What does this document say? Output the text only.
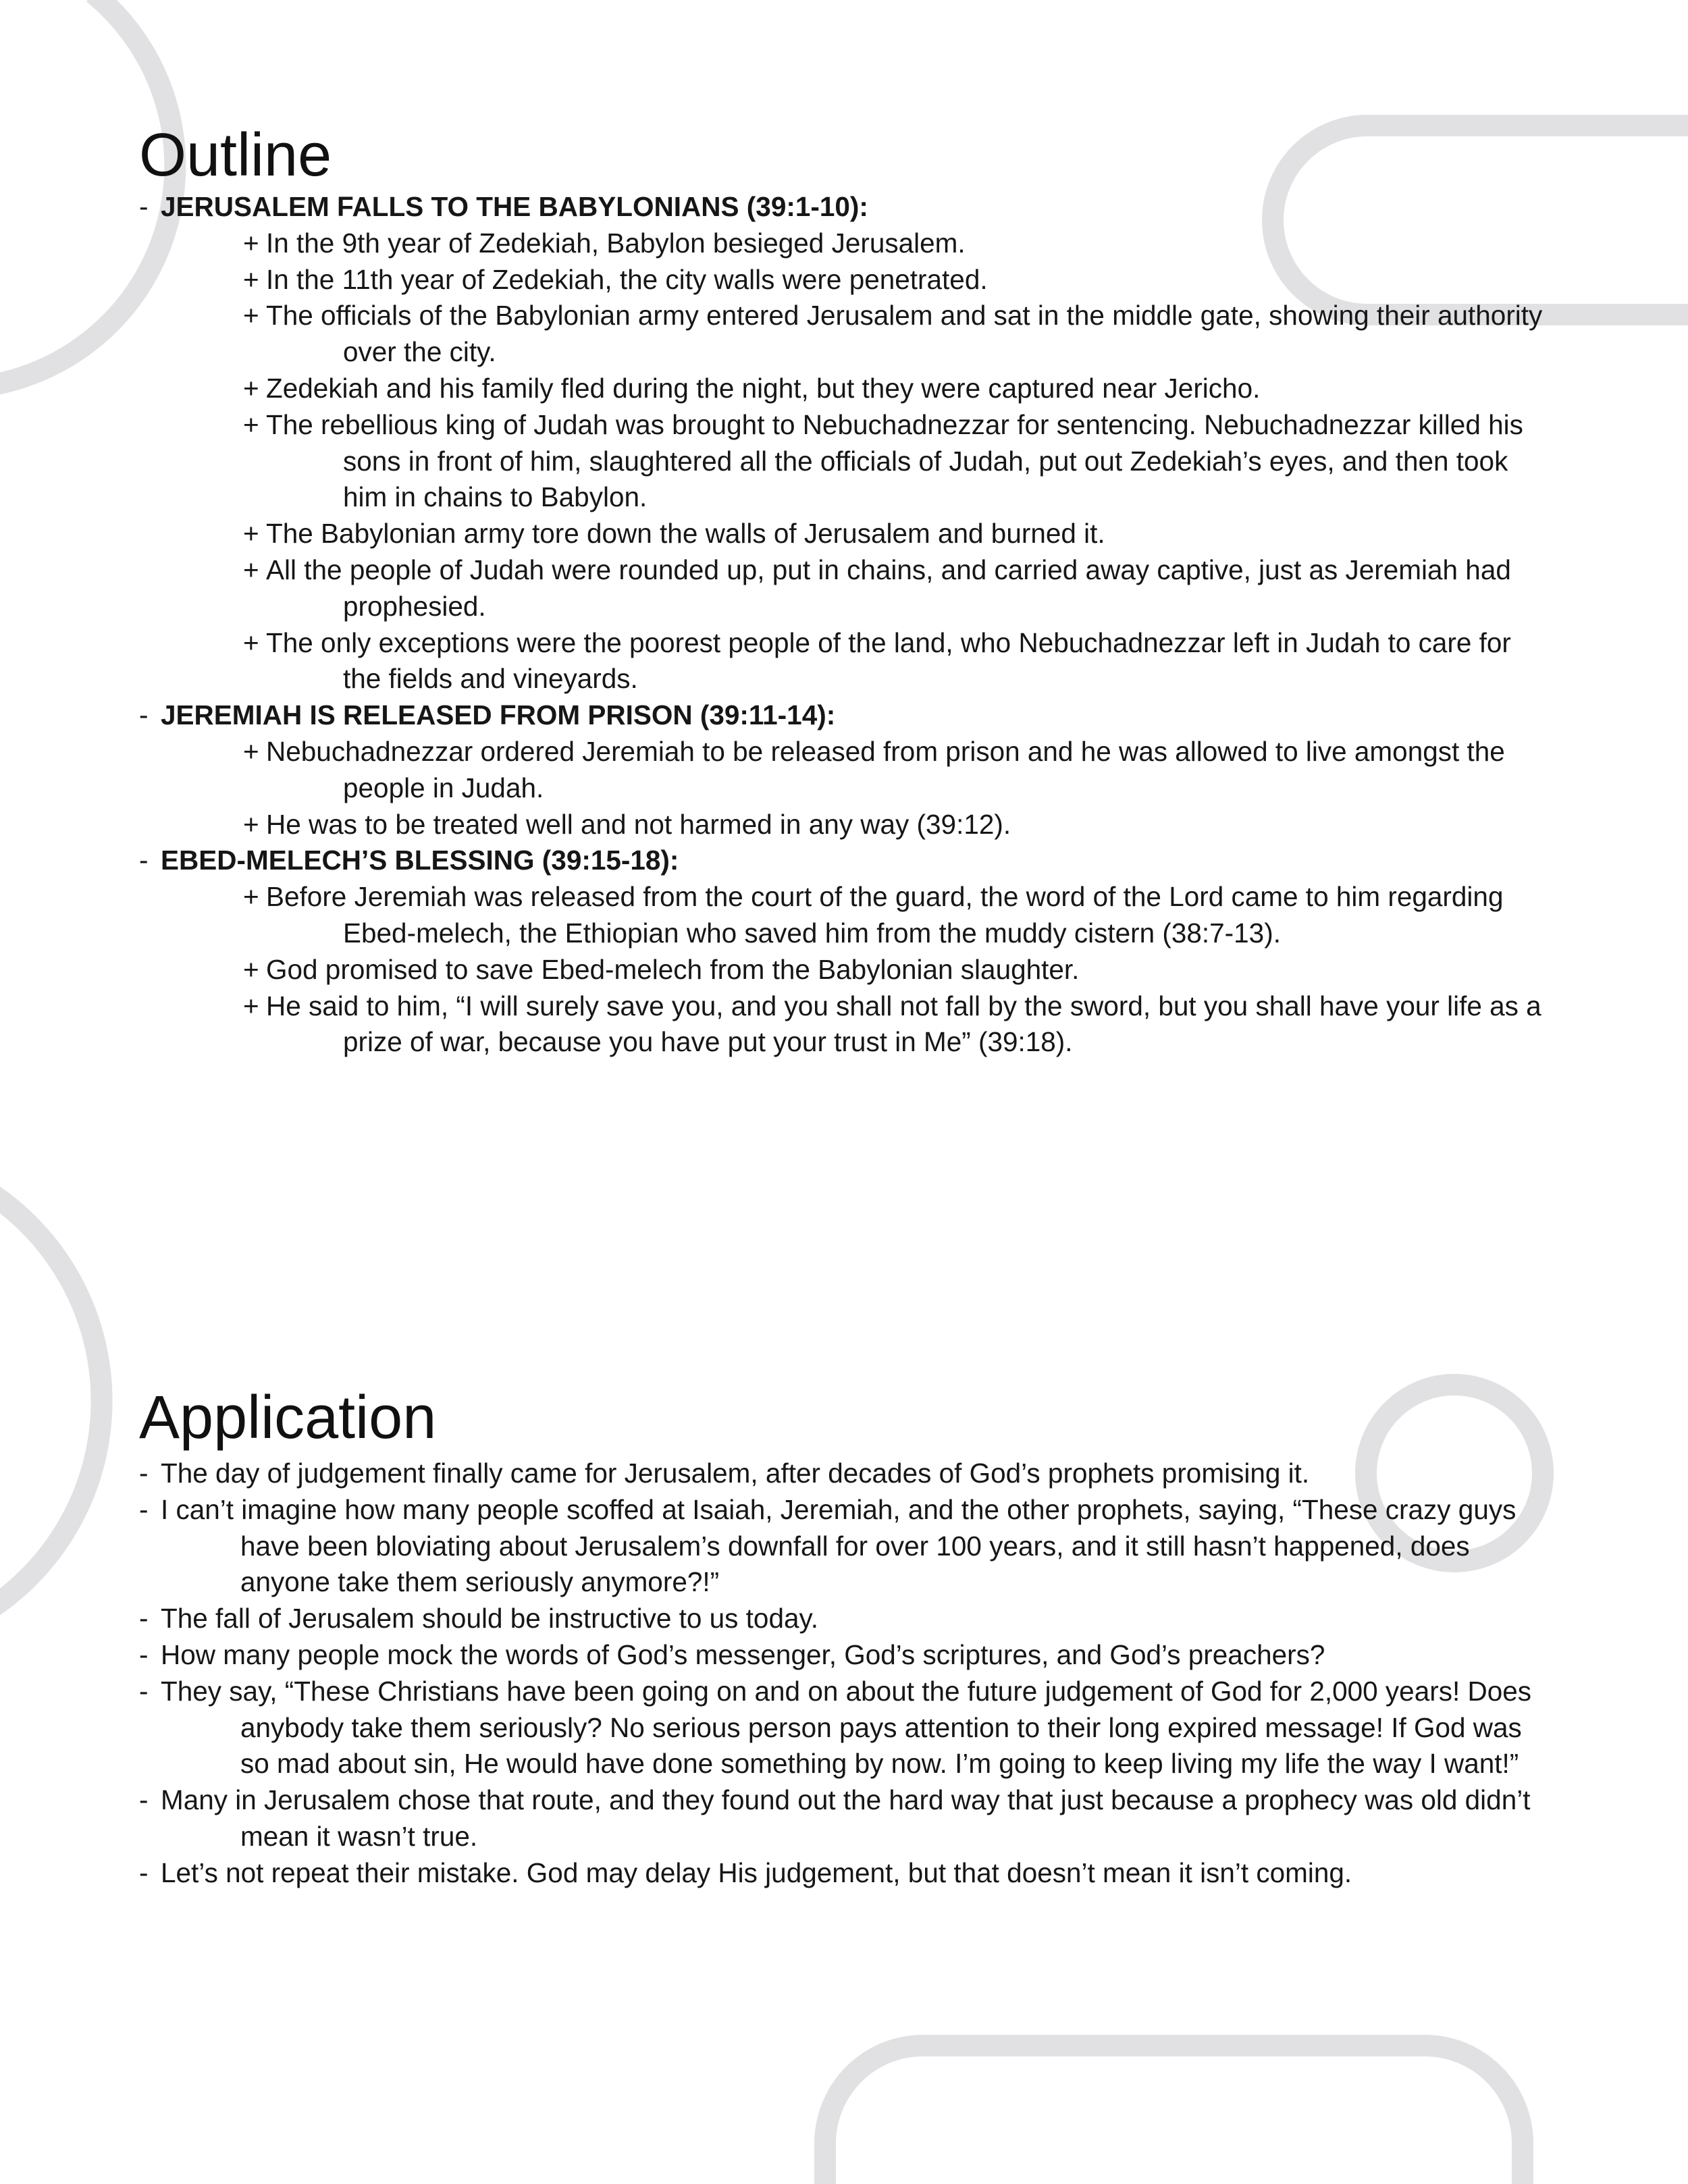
Outline
- JERUSALEM FALLS TO THE BABYLONIANS (39:1-10):
+ In the 9th year of Zedekiah, Babylon besieged Jerusalem.
+ In the 11th year of Zedekiah, the city walls were penetrated.
+ The officials of the Babylonian army entered Jerusalem and sat in the middle gate, showing their authority over the city.
+ Zedekiah and his family fled during the night, but they were captured near Jericho.
+ The rebellious king of Judah was brought to Nebuchadnezzar for sentencing. Nebuchadnezzar killed his sons in front of him, slaughtered all the officials of Judah, put out Zedekiah’s eyes, and then took him in chains to Babylon.
+ The Babylonian army tore down the walls of Jerusalem and burned it.
+ All the people of Judah were rounded up, put in chains, and carried away captive, just as Jeremiah had prophesied.
+ The only exceptions were the poorest people of the land, who Nebuchadnezzar left in Judah to care for the fields and vineyards.
- JEREMIAH IS RELEASED FROM PRISON (39:11-14):
+ Nebuchadnezzar ordered Jeremiah to be released from prison and he was allowed to live amongst the people in Judah.
+ He was to be treated well and not harmed in any way (39:12).
- EBED-MELECH’S BLESSING (39:15-18):
+ Before Jeremiah was released from the court of the guard, the word of the Lord came to him regarding Ebed-melech, the Ethiopian who saved him from the muddy cistern (38:7-13).
+ God promised to save Ebed-melech from the Babylonian slaughter.
+ He said to him, “I will surely save you, and you shall not fall by the sword, but you shall have your life as a prize of war, because you have put your trust in Me” (39:18).
Application
- The day of judgement finally came for Jerusalem, after decades of God’s prophets promising it.
- I can’t imagine how many people scoffed at Isaiah, Jeremiah, and the other prophets, saying, “These crazy guys have been bloviating about Jerusalem’s downfall for over 100 years, and it still hasn’t happened, does anyone take them seriously anymore?!”
- The fall of Jerusalem should be instructive to us today.
- How many people mock the words of God’s messenger, God’s scriptures, and God’s preachers?
- They say, “These Christians have been going on and on about the future judgement of God for 2,000 years! Does anybody take them seriously? No serious person pays attention to their long expired message! If God was so mad about sin, He would have done something by now. I’m going to keep living my life the way I want!”
- Many in Jerusalem chose that route, and they found out the hard way that just because a prophecy was old didn’t mean it wasn’t true.
- Let’s not repeat their mistake. God may delay His judgement, but that doesn’t mean it isn’t coming.
